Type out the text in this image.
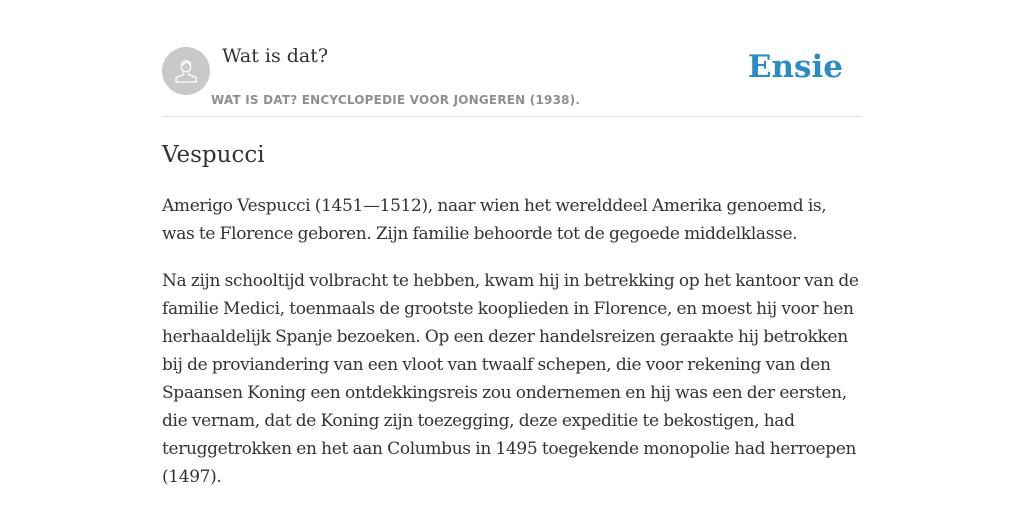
Wat is dat?
WAT IS DAT? ENCYCLOPEDIE VOOR JONGEREN (1938).
Ensie
Vespucci

Amerigo Vespucci (1451—1512), naar wien het werelddeel Amerika genoemd is, was te Florence geboren. Zijn familie behoorde tot de gegoede middelklasse.

Na zijn schooltijd volbracht te hebben, kwam hij in betrekking op het kantoor van de familie Medici, toenmaals de grootste kooplieden in Florence, en moest hij voor hen herhaaldelijk Spanje bezoeken. Op een dezer handelsreizen geraakte hij betrokken bij de proviandering van een vloot van twaalf schepen, die voor rekening van den Spaansen Koning een ontdekkingsreis zou ondernemen en hij was een der eersten, die vernam, dat de Koning zijn toezegging, deze expeditie te bekostigen, had teruggetrokken en het aan Columbus in 1495 toegekende monopolie had herroepen (1497).
